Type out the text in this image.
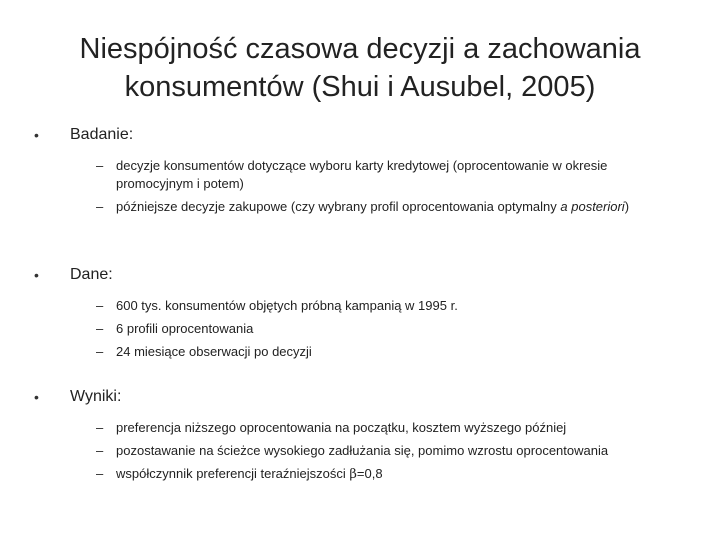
Niespójność czasowa decyzji a zachowania
konsumentów (Shui i Ausubel, 2005)
•	Badanie:
– decyzje konsumentów dotyczące wyboru karty kredytowej (oprocentowanie w okresie promocyjnym i potem)
– późniejsze decyzje zakupowe (czy wybrany profil oprocentowania optymalny a posteriori)
•	Dane:
– 600 tys. konsumentów objętych próbną kampanią w 1995 r.
– 6 profili oprocentowania
– 24 miesiące obserwacji po decyzji
•	Wyniki:
– preferencja niższego oprocentowania na początku, kosztem wyższego później
– pozostawanie na ścieżce wysokiego zadłużania się, pomimo wzrostu oprocentowania
– współczynnik preferencji teraźniejszości β=0,8
